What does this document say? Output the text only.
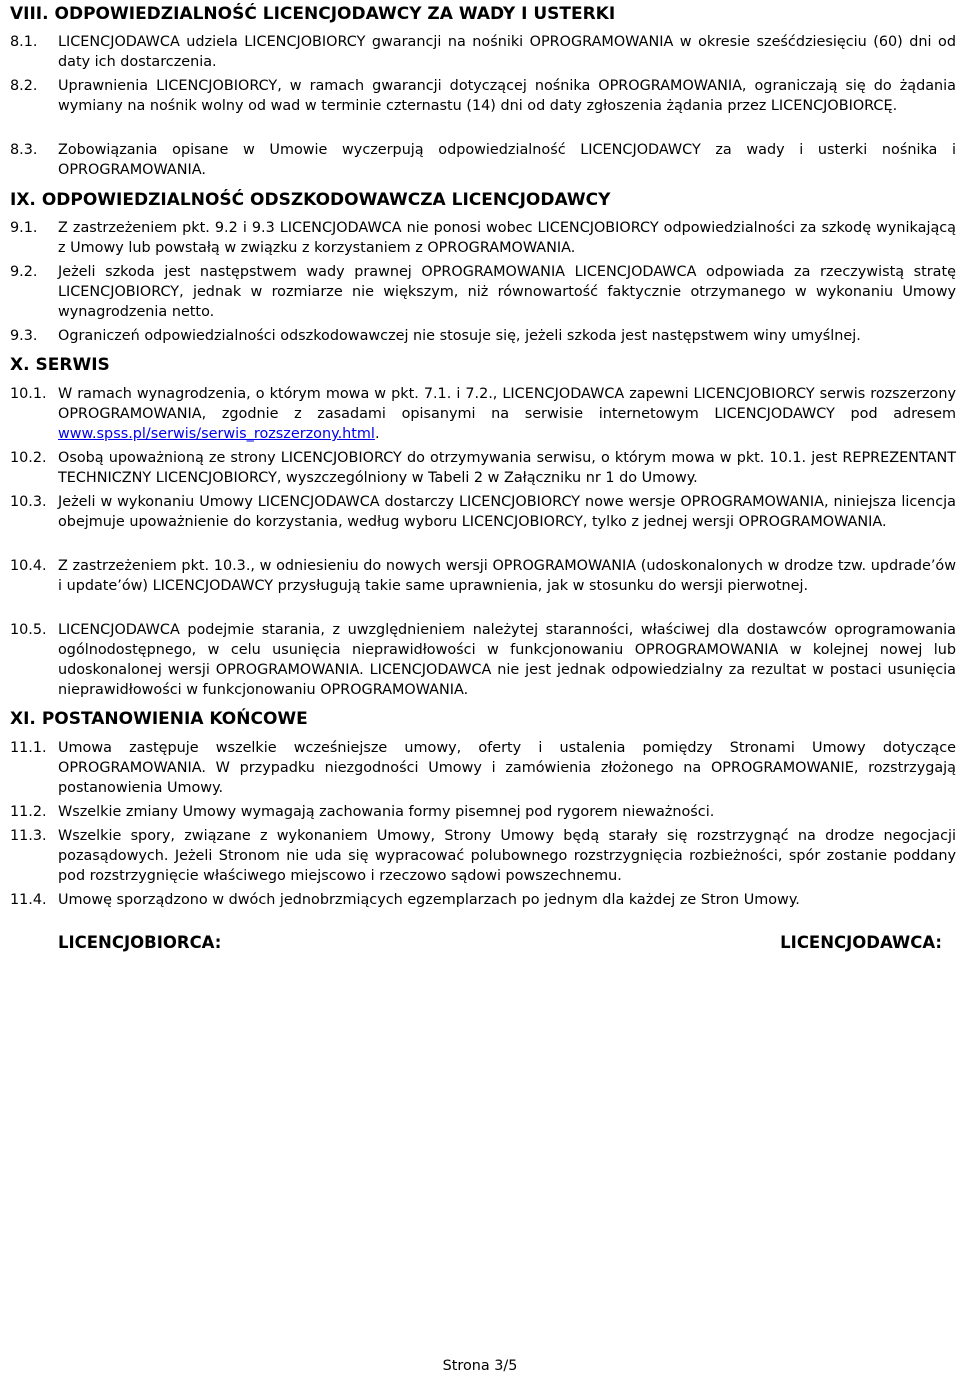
VIII. ODPOWIEDZIALNOŚĆ LICENCJODAWCY ZA WADY I USTERKI
8.1. LICENCJODAWCA udziela LICENCJOBIORCY gwarancji na nośniki OPROGRAMOWANIA w okresie sześćdziesięciu (60) dni od daty ich dostarczenia.
8.2. Uprawnienia LICENCJOBIORCY, w ramach gwarancji dotyczącej nośnika OPROGRAMOWANIA, ograniczają się do żądania wymiany na nośnik wolny od wad w terminie czternastu (14) dni od daty zgłoszenia żądania przez LICENCJOBIORCĘ.
8.3. Zobowiązania opisane w Umowie wyczerpują odpowiedzialność LICENCJODAWCY za wady i usterki nośnika i OPROGRAMOWANIA.
IX. ODPOWIEDZIALNOŚĆ ODSZKODOWAWCZA LICENCJODAWCY
9.1. Z zastrzeżeniem pkt. 9.2 i 9.3 LICENCJODAWCA nie ponosi wobec LICENCJOBIORCY odpowiedzialności za szkodę wynikającą z Umowy lub powstałą w związku z korzystaniem z OPROGRAMOWANIA.
9.2. Jeżeli szkoda jest następstwem wady prawnej OPROGRAMOWANIA LICENCJODAWCA odpowiada za rzeczywistą stratę LICENCJOBIORCY, jednak w rozmiarze nie większym, niż równowartość faktycznie otrzymanego w wykonaniu Umowy wynagrodzenia netto.
9.3. Ograniczeń odpowiedzialności odszkodowawczej nie stosuje się, jeżeli szkoda jest następstwem winy umyślnej.
X. SERWIS
10.1. W ramach wynagrodzenia, o którym mowa w pkt. 7.1. i 7.2., LICENCJODAWCA zapewni LICENCJOBIORCY serwis rozszerzony OPROGRAMOWANIA, zgodnie z zasadami opisanymi na serwisie internetowym LICENCJODAWCY pod adresem www.spss.pl/serwis/serwis_rozszerzony.html.
10.2. Osobą upoważnioną ze strony LICENCJOBIORCY do otrzymywania serwisu, o którym mowa w pkt. 10.1. jest REPREZENTANT TECHNICZNY LICENCJOBIORCY, wyszczególniony w Tabeli 2 w Załączniku nr 1 do Umowy.
10.3. Jeżeli w wykonaniu Umowy LICENCJODAWCA dostarczy LICENCJOBIORCY nowe wersje OPROGRAMOWANIA, niniejsza licencja obejmuje upoważnienie do korzystania, według wyboru LICENCJOBIORCY, tylko z jednej wersji OPROGRAMOWANIA.
10.4. Z zastrzeżeniem pkt. 10.3., w odniesieniu do nowych wersji OPROGRAMOWANIA (udoskonalonych w drodze tzw. updrade’ów i update’ów) LICENCJODAWCY przysługują takie same uprawnienia, jak w stosunku do wersji pierwotnej.
10.5. LICENCJODAWCA podejmie starania, z uwzględnieniem należytej staranności, właściwej dla dostawców oprogramowania ogólnodostępnego, w celu usunięcia nieprawidłowości w funkcjonowaniu OPROGRAMOWANIA w kolejnej nowej lub udoskonalonej wersji OPROGRAMOWANIA. LICENCJODAWCA nie jest jednak odpowiedzialny za rezultat w postaci usunięcia nieprawidłowości w funkcjonowaniu OPROGRAMOWANIA.
XI. POSTANOWIENIA KOŃCOWE
11.1. Umowa zastępuje wszelkie wcześniejsze umowy, oferty i ustalenia pomiędzy Stronami Umowy dotyczące OPROGRAMOWANIA. W przypadku niezgodności Umowy i zamówienia złożonego na OPROGRAMOWANIE, rozstrzygają postanowienia Umowy.
11.2. Wszelkie zmiany Umowy wymagają zachowania formy pisemnej pod rygorem nieważności.
11.3. Wszelkie spory, związane z wykonaniem Umowy, Strony Umowy będą starały się rozstrzygnąć na drodze negocjacji pozasądowych. Jeżeli Stronom nie uda się wypracować polubownego rozstrzygnięcia rozbieżności, spór zostanie poddany pod rozstrzygnięcie właściwego miejscowo i rzeczowo sądowi powszechnemu.
11.4. Umowę sporządzono w dwóch jednobrzmiących egzemplarzach po jednym dla każdej ze Stron Umowy.
LICENCJOBIORCA:	LICENCJODAWCA:
Strona 3/5
